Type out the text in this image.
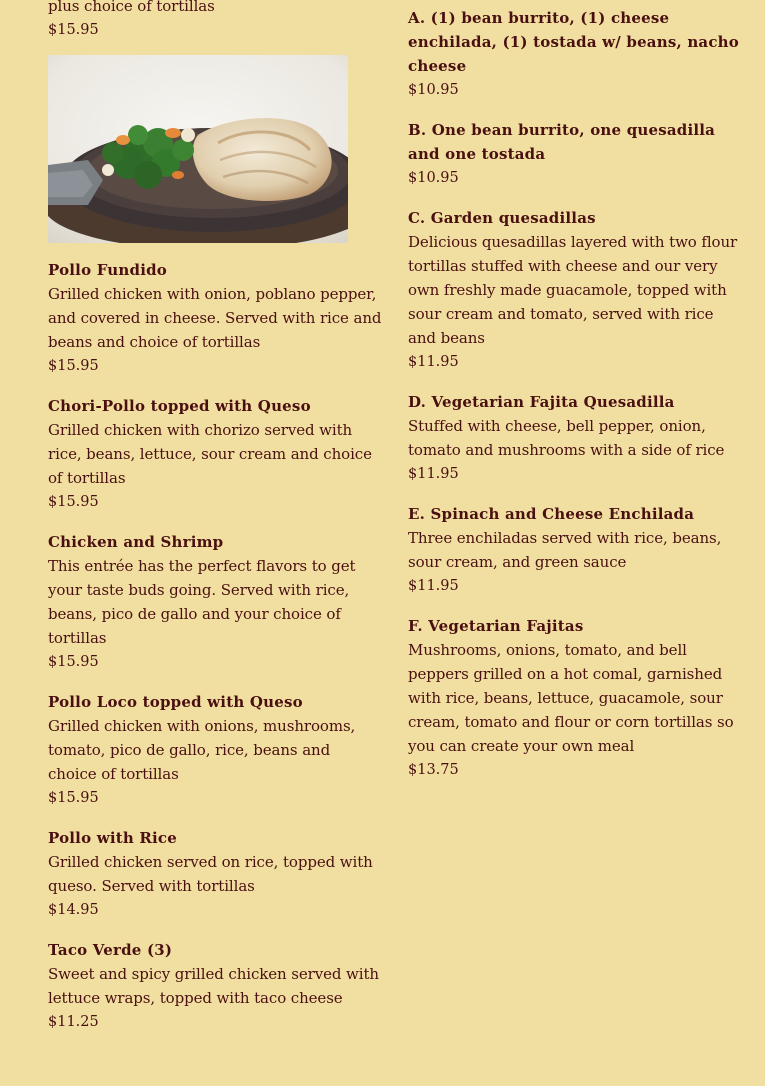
plus choice of tortillas
$15.95
Pollo Fundido
Grilled chicken with onion, poblano pepper, and covered in cheese. Served with rice and beans and choice of tortillas
$15.95
Chori-Pollo topped with Queso
Grilled chicken with chorizo served with rice, beans, lettuce, sour cream and choice of tortillas
$15.95
Chicken and Shrimp
This entrée has the perfect flavors to get your taste buds going. Served with rice, beans, pico de gallo and your choice of tortillas
$15.95
Pollo Loco topped with Queso
Grilled chicken with onions, mushrooms, tomato, pico de gallo, rice, beans and choice of tortillas
$15.95
Pollo with Rice
Grilled chicken served on rice, topped with queso. Served with tortillas
$14.95
Taco Verde (3)
Sweet and spicy grilled chicken served with lettuce wraps, topped with taco cheese
$11.25
A. (1) bean burrito, (1) cheese enchilada, (1) tostada w/ beans, nacho cheese
$10.95
B. One bean burrito, one quesadilla and one tostada
$10.95
C. Garden quesadillas
Delicious quesadillas layered with two flour tortillas stuffed with cheese and our very own freshly made guacamole, topped with sour cream and tomato, served with rice and beans
$11.95
D. Vegetarian Fajita Quesadilla
Stuffed with cheese, bell pepper, onion, tomato and mushrooms with a side of rice
$11.95
E. Spinach and Cheese Enchilada
Three enchiladas served with rice, beans, sour cream, and green sauce
$11.95
F. Vegetarian Fajitas
Mushrooms, onions, tomato, and bell peppers grilled on a hot comal, garnished with rice, beans, lettuce, guacamole, sour cream, tomato and flour or corn tortillas so you can create your own meal
$13.75
